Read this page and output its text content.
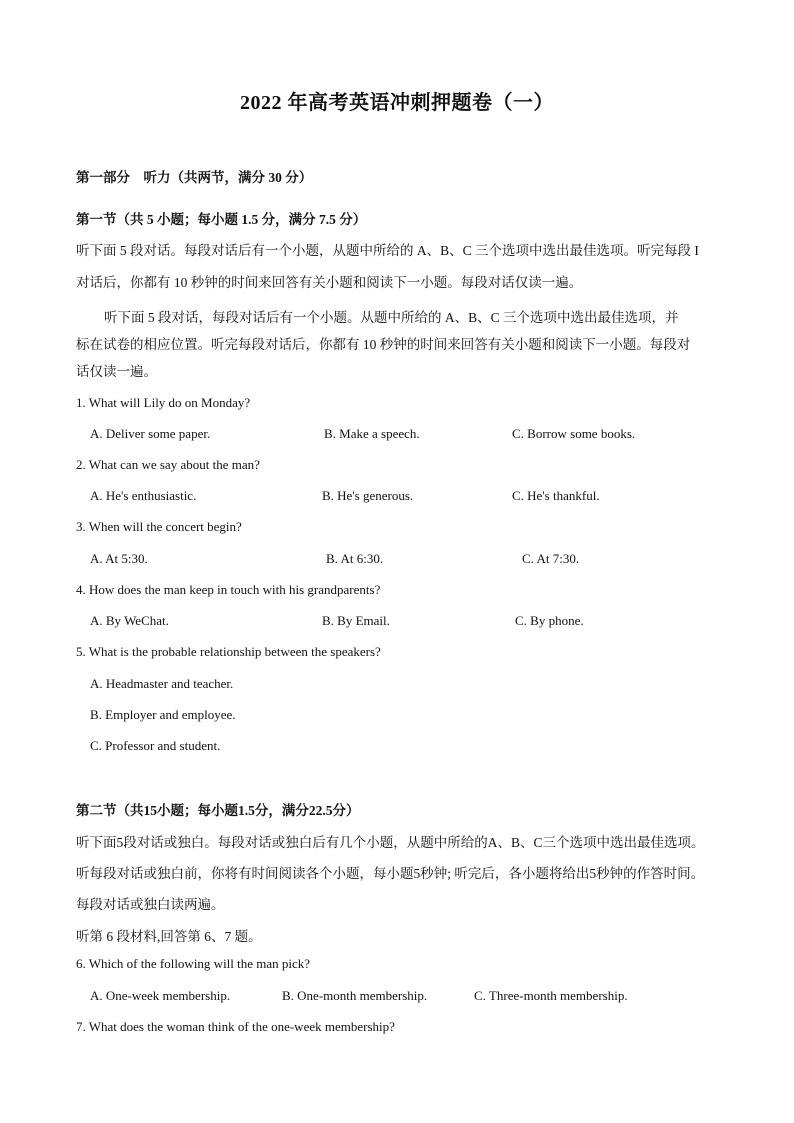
2022 年高考英语冲刺押题卷（一）
第一部分　听力（共两节，满分 30 分）
第一节（共 5 小题；每小题 1.5 分，满分 7.5 分）
听下面 5 段对话。每段对话后有一个小题，从题中所给的 A、B、C 三个选项中选出最佳选项。听完每段 I
对话后，你都有 10 秒钟的时间来回答有关小题和阅读下一小题。每段对话仅读一遍。
听下面 5 段对话，每段对话后有一个小题。从题中所给的 A、B、C 三个选项中选出最佳选项，并
标在试卷的相应位置。听完每段对话后，你都有 10 秒钟的时间来回答有关小题和阅读下一小题。每段对
话仅读一遍。
1. What will Lily do on Monday?
A. Deliver some paper.	B. Make a speech.	C. Borrow some books.
2. What can we say about the man?
A. He's enthusiastic.	B. He's generous.	C. He's thankful.
3. When will the concert begin?
A. At 5:30.	B. At 6:30.	C. At 7:30.
4. How does the man keep in touch with his grandparents?
A. By WeChat.	B. By Email.	C. By phone.
5. What is the probable relationship between the speakers?
A. Headmaster and teacher.
B. Employer and employee.
C. Professor and student.
第二节（共15小题；每小题1.5分，满分22.5分）
听下面5段对话或独白。每段对话或独白后有几个小题，从题中所给的A、B、C三个选项中选出最佳选项。
听每段对话或独白前，你将有时间阅读各个小题，每小题5秒钟; 听完后，各小题将给出5秒钟的作答时间。
每段对话或独白读两遍。
听第 6 段材料,回答第 6、7 题。
6. Which of the following will the man pick?
A. One-week membership.	B. One-month membership.	C. Three-month membership.
7. What does the woman think of the one-week membership?
